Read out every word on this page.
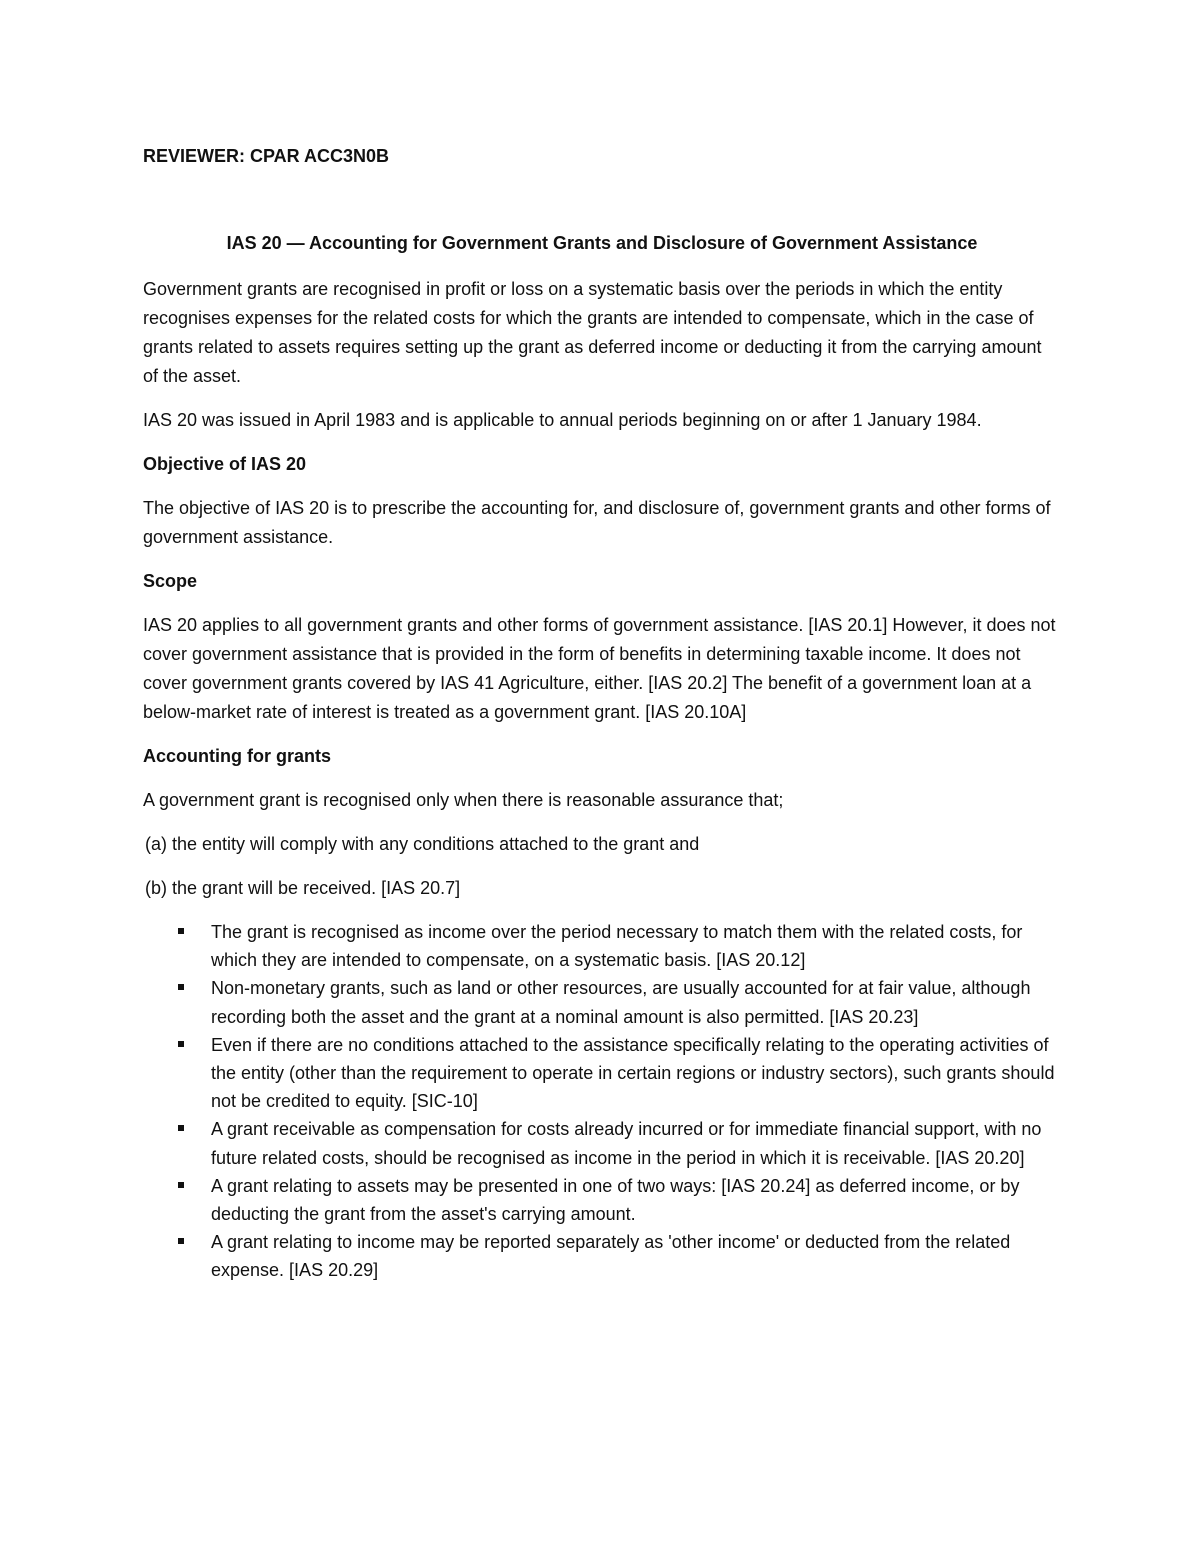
REVIEWER: CPAR ACC3N0B
IAS 20 — Accounting for Government Grants and Disclosure of Government Assistance

Government grants are recognised in profit or loss on a systematic basis over the periods in which the entity recognises expenses for the related costs for which the grants are intended to compensate, which in the case of grants related to assets requires setting up the grant as deferred income or deducting it from the carrying amount of the asset.

IAS 20 was issued in April 1983 and is applicable to annual periods beginning on or after 1 January 1984.

Objective of IAS 20

The objective of IAS 20 is to prescribe the accounting for, and disclosure of, government grants and other forms of government assistance.

Scope

IAS 20 applies to all government grants and other forms of government assistance. [IAS 20.1] However, it does not cover government assistance that is provided in the form of benefits in determining taxable income. It does not cover government grants covered by IAS 41 Agriculture, either. [IAS 20.2] The benefit of a government loan at a below-market rate of interest is treated as a government grant. [IAS 20.10A]

Accounting for grants

A government grant is recognised only when there is reasonable assurance that;

(a) the entity will comply with any conditions attached to the grant and

(b) the grant will be received. [IAS 20.7]

The grant is recognised as income over the period necessary to match them with the related costs, for which they are intended to compensate, on a systematic basis. [IAS 20.12]
Non-monetary grants, such as land or other resources, are usually accounted for at fair value, although recording both the asset and the grant at a nominal amount is also permitted. [IAS 20.23]
Even if there are no conditions attached to the assistance specifically relating to the operating activities of the entity (other than the requirement to operate in certain regions or industry sectors), such grants should not be credited to equity. [SIC-10]
A grant receivable as compensation for costs already incurred or for immediate financial support, with no future related costs, should be recognised as income in the period in which it is receivable. [IAS 20.20]
A grant relating to assets may be presented in one of two ways: [IAS 20.24] as deferred income, or by deducting the grant from the asset's carrying amount.
A grant relating to income may be reported separately as 'other income' or deducted from the related expense. [IAS 20.29]
